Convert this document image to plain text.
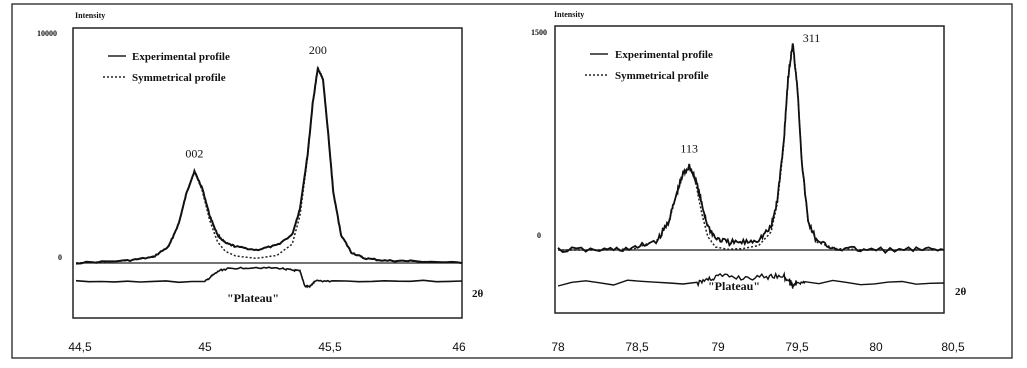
Intensity
10000
0
Experimental profile
Symmetrical profile
002
200
"Plateau"	2θ
44,5	45	45,5	46
Intensity
1500
0
Experimental profile
Symmetrical profile
113
311
"Plateau"	2θ
78	78,5	79	79,5	80	80,5
